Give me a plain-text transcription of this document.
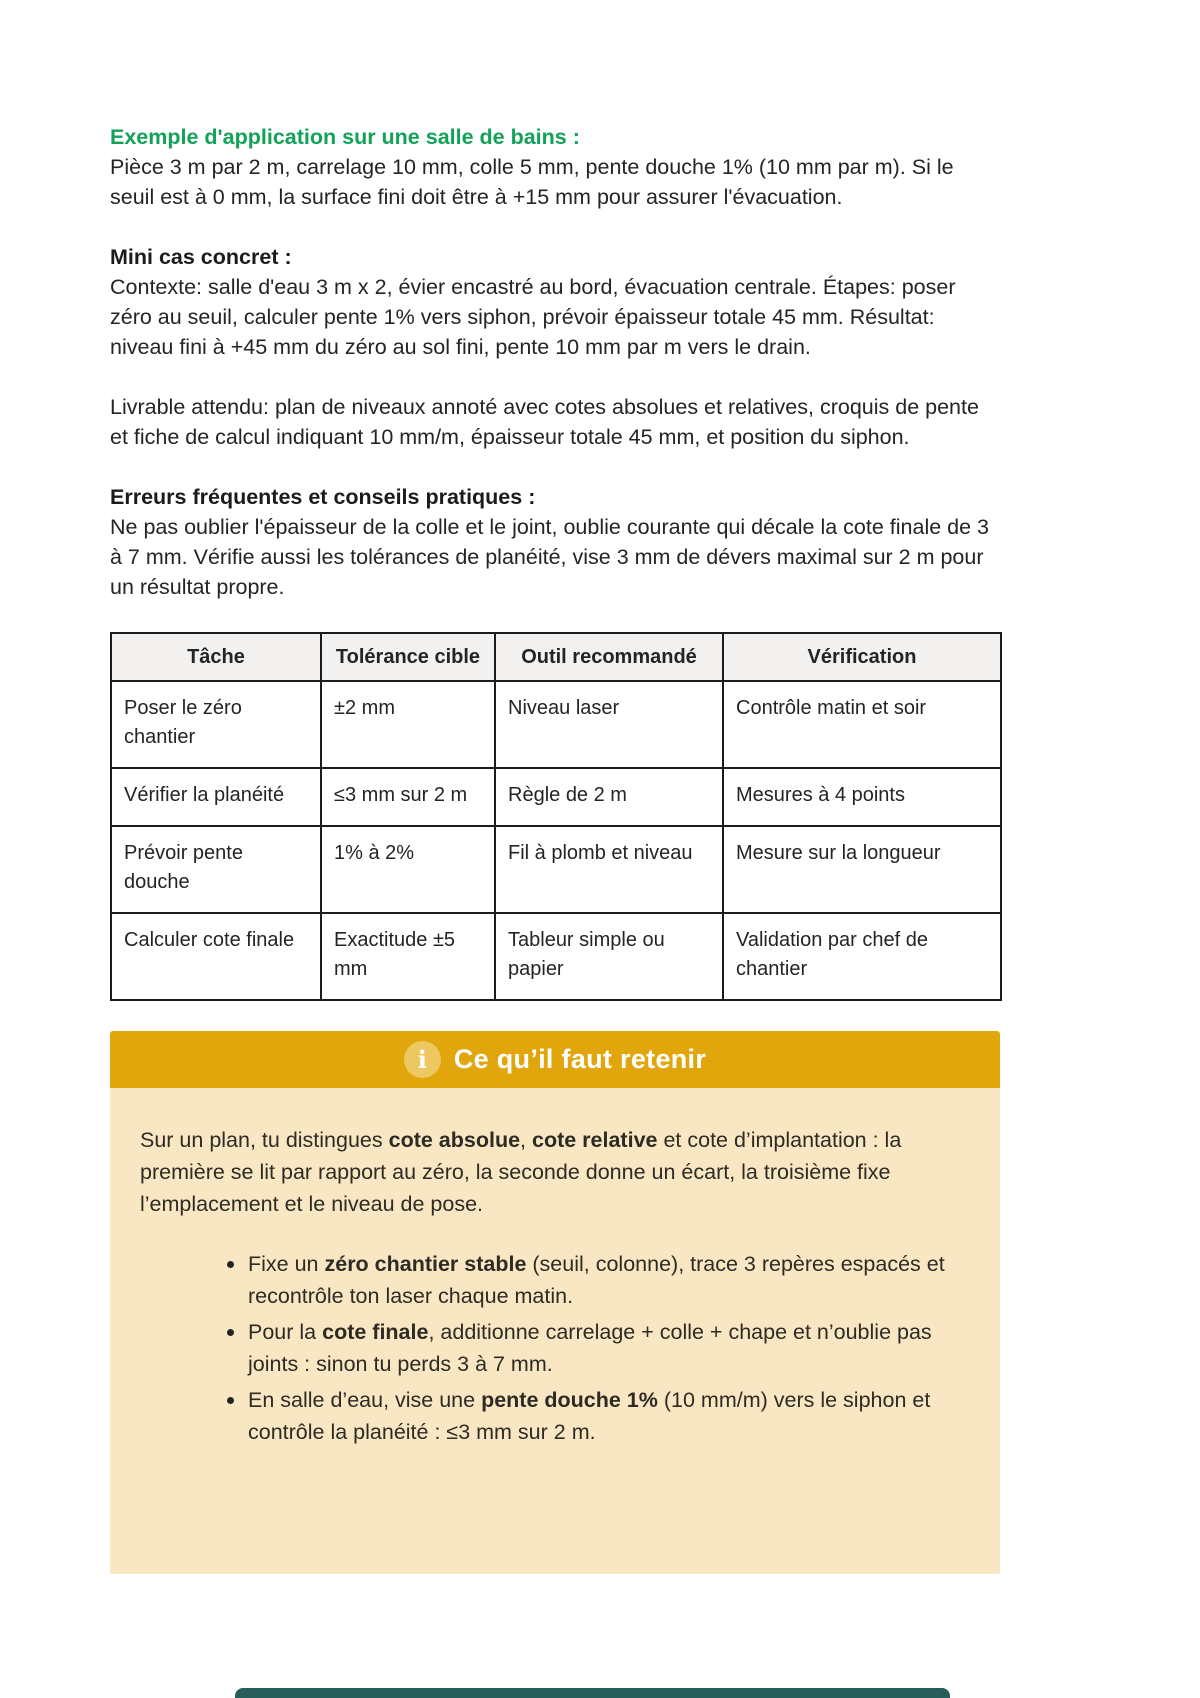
Exemple d'application sur une salle de bains :

Pièce 3 m par 2 m, carrelage 10 mm, colle 5 mm, pente douche 1% (10 mm par m). Si le seuil est à 0 mm, la surface fini doit être à +15 mm pour assurer l'évacuation.

Mini cas concret :

Contexte: salle d'eau 3 m x 2, évier encastré au bord, évacuation centrale. Étapes: poser zéro au seuil, calculer pente 1% vers siphon, prévoir épaisseur totale 45 mm. Résultat: niveau fini à +45 mm du zéro au sol fini, pente 10 mm par m vers le drain.

Livrable attendu: plan de niveaux annoté avec cotes absolues et relatives, croquis de pente et fiche de calcul indiquant 10 mm/m, épaisseur totale 45 mm, et position du siphon.

Erreurs fréquentes et conseils pratiques :

Ne pas oublier l'épaisseur de la colle et le joint, oublie courante qui décale la cote finale de 3 à 7 mm. Vérifie aussi les tolérances de planéité, vise 3 mm de dévers maximal sur 2 m pour un résultat propre.

Tâche	Tolérance cible	Outil recommandé	Vérification
Poser le zéro chantier	±2 mm	Niveau laser	Contrôle matin et soir
Vérifier la planéité	≤3 mm sur 2 m	Règle de 2 m	Mesures à 4 points
Prévoir pente douche	1% à 2%	Fil à plomb et niveau	Mesure sur la longueur
Calculer cote finale	Exactitude ±5 mm	Tableur simple ou papier	Validation par chef de chantier
i Ce qu’il faut retenir

Sur un plan, tu distingues cote absolue, cote relative et cote d’implantation : la première se lit par rapport au zéro, la seconde donne un écart, la troisième fixe l’emplacement et le niveau de pose.

Fixe un zéro chantier stable (seuil, colonne), trace 3 repères espacés et recontrôle ton laser chaque matin.
Pour la cote finale, additionne carrelage + colle + chape et n’oublie pas joints : sinon tu perds 3 à 7 mm.
En salle d’eau, vise une pente douche 1% (10 mm/m) vers le siphon et contrôle la planéité : ≤3 mm sur 2 m.
